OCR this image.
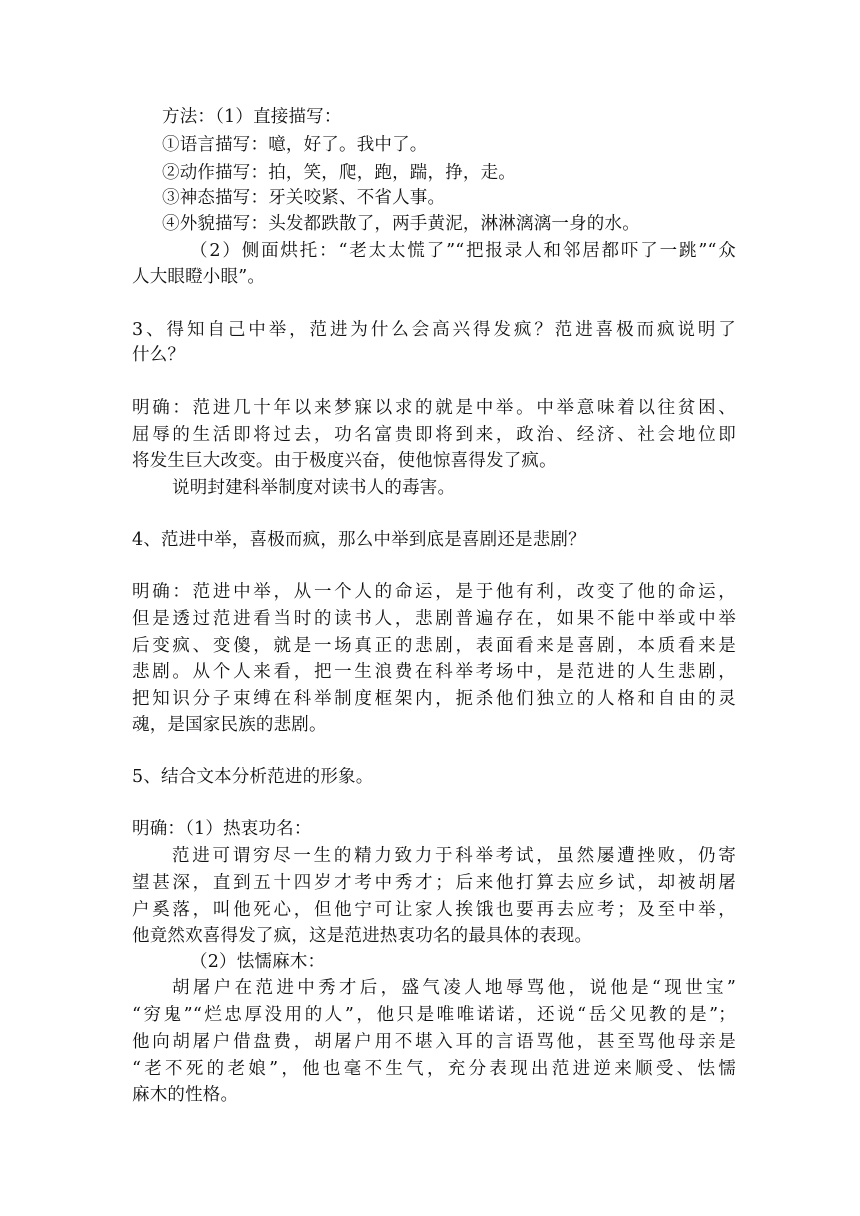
方法：（1）直接描写：
①语言描写：噫，好了。我中了。
②动作描写：拍，笑，爬，跑，踹，挣，走。
③神态描写：牙关咬紧、不省人事。
④外貌描写：头发都跌散了，两手黄泥，淋淋漓漓一身的水。
（2）侧面烘托：“老太太慌了”“把报录人和邻居都吓了一跳”“众
人大眼瞪小眼”。
3、得知自己中举，范进为什么会高兴得发疯？范进喜极而疯说明了
什么？
明确：范进几十年以来梦寐以求的就是中举。中举意味着以往贫困、
屈辱的生活即将过去，功名富贵即将到来，政治、经济、社会地位即
将发生巨大改变。由于极度兴奋，使他惊喜得发了疯。
说明封建科举制度对读书人的毒害。
4、范进中举，喜极而疯，那么中举到底是喜剧还是悲剧？
明确：范进中举，从一个人的命运，是于他有利，改变了他的命运，
但是透过范进看当时的读书人，悲剧普遍存在，如果不能中举或中举
后变疯、变傻，就是一场真正的悲剧，表面看来是喜剧，本质看来是
悲剧。从个人来看，把一生浪费在科举考场中，是范进的人生悲剧，
把知识分子束缚在科举制度框架内，扼杀他们独立的人格和自由的灵
魂，是国家民族的悲剧。
5、结合文本分析范进的形象。
明确：（1）热衷功名：
范进可谓穷尽一生的精力致力于科举考试，虽然屡遭挫败，仍寄
望甚深，直到五十四岁才考中秀才；后来他打算去应乡试，却被胡屠
户奚落，叫他死心，但他宁可让家人挨饿也要再去应考；及至中举，
他竟然欢喜得发了疯，这是范进热衷功名的最具体的表现。
（2）怯懦麻木：
胡屠户在范进中秀才后，盛气凌人地辱骂他，说他是“现世宝”
“穷鬼”“烂忠厚没用的人”，他只是唯唯诺诺，还说“岳父见教的是”；
他向胡屠户借盘费，胡屠户用不堪入耳的言语骂他，甚至骂他母亲是
“老不死的老娘”，他也毫不生气，充分表现出范进逆来顺受、怯懦
麻木的性格。
